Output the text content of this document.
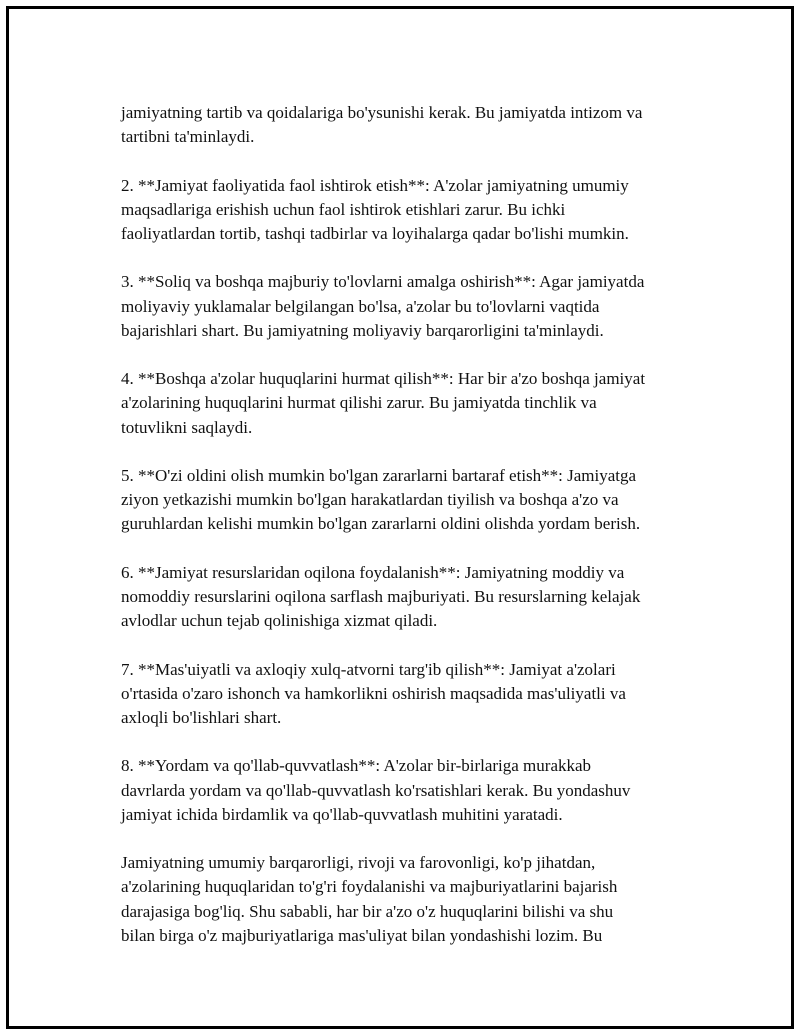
jamiyatning tartib va qoidalariga bo'ysunishi kerak. Bu jamiyatda intizom va
tartibni ta'minlaydi.
2. **Jamiyat faoliyatida faol ishtirok etish**: A'zolar jamiyatning umumiy
maqsadlariga erishish uchun faol ishtirok etishlari zarur. Bu ichki
faoliyatlardan tortib, tashqi tadbirlar va loyihalarga qadar bo'lishi mumkin.
3. **Soliq va boshqa majburiy to'lovlarni amalga oshirish**: Agar jamiyatda
moliyaviy yuklamalar belgilangan bo'lsa, a'zolar bu to'lovlarni vaqtida
bajarishlari shart. Bu jamiyatning moliyaviy barqarorligini ta'minlaydi.
4. **Boshqa a'zolar huquqlarini hurmat qilish**: Har bir a'zo boshqa jamiyat
a'zolarining huquqlarini hurmat qilishi zarur. Bu jamiyatda tinchlik va
totuvlikni saqlaydi.
5. **O'zi oldini olish mumkin bo'lgan zararlarni bartaraf etish**: Jamiyatga
ziyon yetkazishi mumkin bo'lgan harakatlardan tiyilish va boshqa a'zo va
guruhlardan kelishi mumkin bo'lgan zararlarni oldini olishda yordam berish.
6. **Jamiyat resurslaridan oqilona foydalanish**: Jamiyatning moddiy va
nomoddiy resurslarini oqilona sarflash majburiyati. Bu resurslarning kelajak
avlodlar uchun tejab qolinishiga xizmat qiladi.
7. **Mas'uiyatli va axloqiy xulq-atvorni targ'ib qilish**: Jamiyat a'zolari
o'rtasida o'zaro ishonch va hamkorlikni oshirish maqsadida mas'uliyatli va
axloqli bo'lishlari shart.
8. **Yordam va qo'llab-quvvatlash**: A'zolar bir-birlariga murakkab
davrlarda yordam va qo'llab-quvvatlash ko'rsatishlari kerak. Bu yondashuv
jamiyat ichida birdamlik va qo'llab-quvvatlash muhitini yaratadi.
Jamiyatning umumiy barqarorligi, rivoji va farovonligi, ko'p jihatdan,
a'zolarining huquqlaridan to'g'ri foydalanishi va majburiyatlarini bajarish
darajasiga bog'liq. Shu sababli, har bir a'zo o'z huquqlarini bilishi va shu
bilan birga o'z majburiyatlariga mas'uliyat bilan yondashishi lozim. Bu
